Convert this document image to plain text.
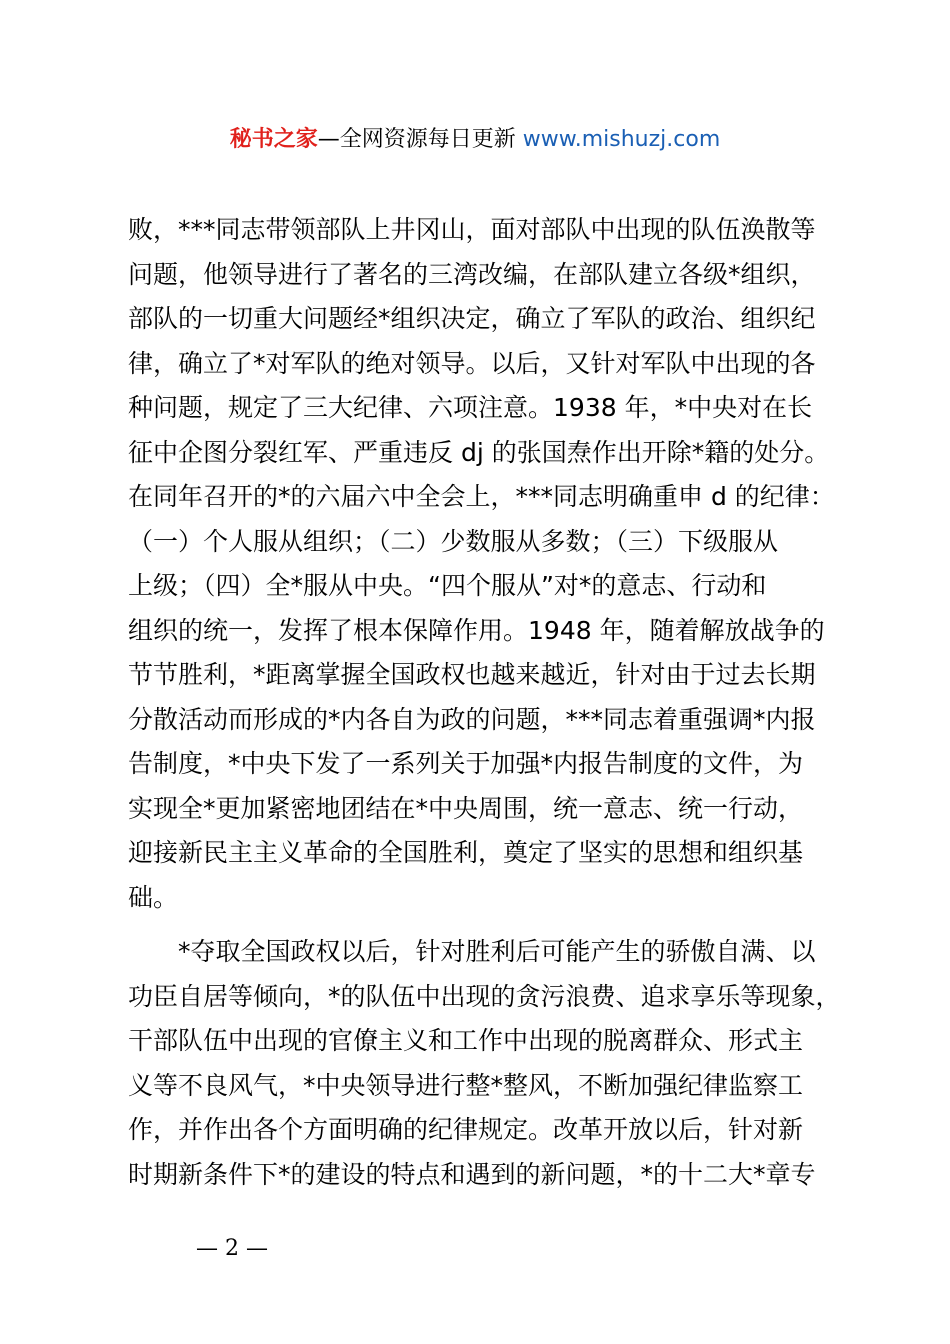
秘书之家—全网资源每日更新 www.mishuzj.com
败，***同志带领部队上井冈山，面对部队中出现的队伍涣散等
问题，他领导进行了著名的三湾改编，在部队建立各级*组织，
部队的一切重大问题经*组织决定，确立了军队的政治、组织纪
律，确立了*对军队的绝对领导。以后，又针对军队中出现的各
种问题，规定了三大纪律、六项注意。1938 年，*中央对在长
征中企图分裂红军、严重违反 dj 的张国焘作出开除*籍的处分。
在同年召开的*的六届六中全会上，***同志明确重申 d 的纪律：
（一）个人服从组织；（二）少数服从多数；（三）下级服从
上级；（四）全*服从中央。“四个服从”对*的意志、行动和
组织的统一，发挥了根本保障作用。1948 年，随着解放战争的
节节胜利，*距离掌握全国政权也越来越近，针对由于过去长期
分散活动而形成的*内各自为政的问题，***同志着重强调*内报
告制度，*中央下发了一系列关于加强*内报告制度的文件，为
实现全*更加紧密地团结在*中央周围，统一意志、统一行动，
迎接新民主主义革命的全国胜利，奠定了坚实的思想和组织基
础。
*夺取全国政权以后，针对胜利后可能产生的骄傲自满、以
功臣自居等倾向，*的队伍中出现的贪污浪费、追求享乐等现象，
干部队伍中出现的官僚主义和工作中出现的脱离群众、形式主
义等不良风气，*中央领导进行整*整风，不断加强纪律监察工
作，并作出各个方面明确的纪律规定。改革开放以后，针对新
时期新条件下*的建设的特点和遇到的新问题，*的十二大*章专
— 2 —
